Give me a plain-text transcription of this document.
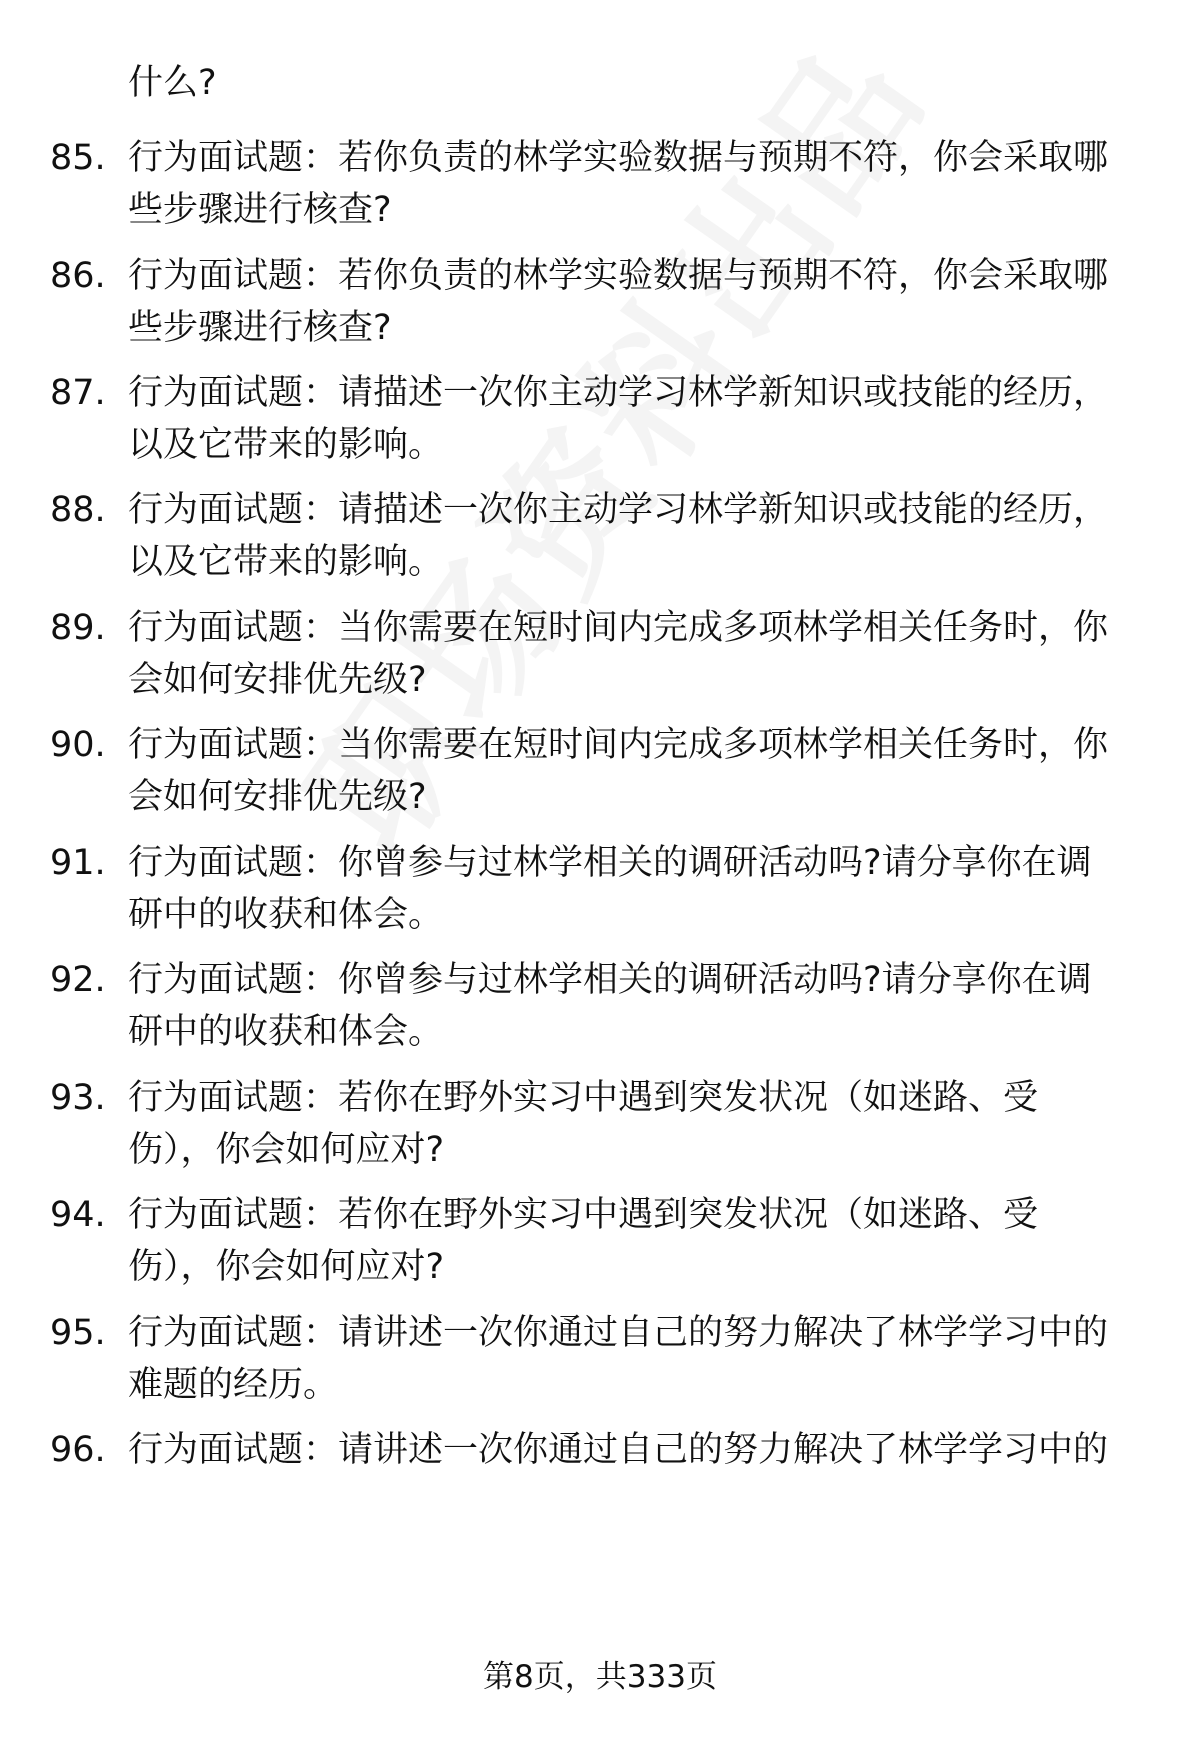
什么?
85. 行为面试题：若你负责的林学实验数据与预期不符，你会采取哪
些步骤进行核查?
86. 行为面试题：若你负责的林学实验数据与预期不符，你会采取哪
些步骤进行核查?
87. 行为面试题：请描述一次你主动学习林学新知识或技能的经历，
以及它带来的影响。
88. 行为面试题：请描述一次你主动学习林学新知识或技能的经历，
以及它带来的影响。
89. 行为面试题：当你需要在短时间内完成多项林学相关任务时，你
会如何安排优先级?
90. 行为面试题：当你需要在短时间内完成多项林学相关任务时，你
会如何安排优先级?
91. 行为面试题：你曾参与过林学相关的调研活动吗?请分享你在调
研中的收获和体会。
92. 行为面试题：你曾参与过林学相关的调研活动吗?请分享你在调
研中的收获和体会。
93. 行为面试题：若你在野外实习中遇到突发状况（如迷路、受
伤），你会如何应对?
94. 行为面试题：若你在野外实习中遇到突发状况（如迷路、受
伤），你会如何应对?
95. 行为面试题：请讲述一次你通过自己的努力解决了林学学习中的
难题的经历。
96. 行为面试题：请讲述一次你通过自己的努力解决了林学学习中的
第8页，共333页
